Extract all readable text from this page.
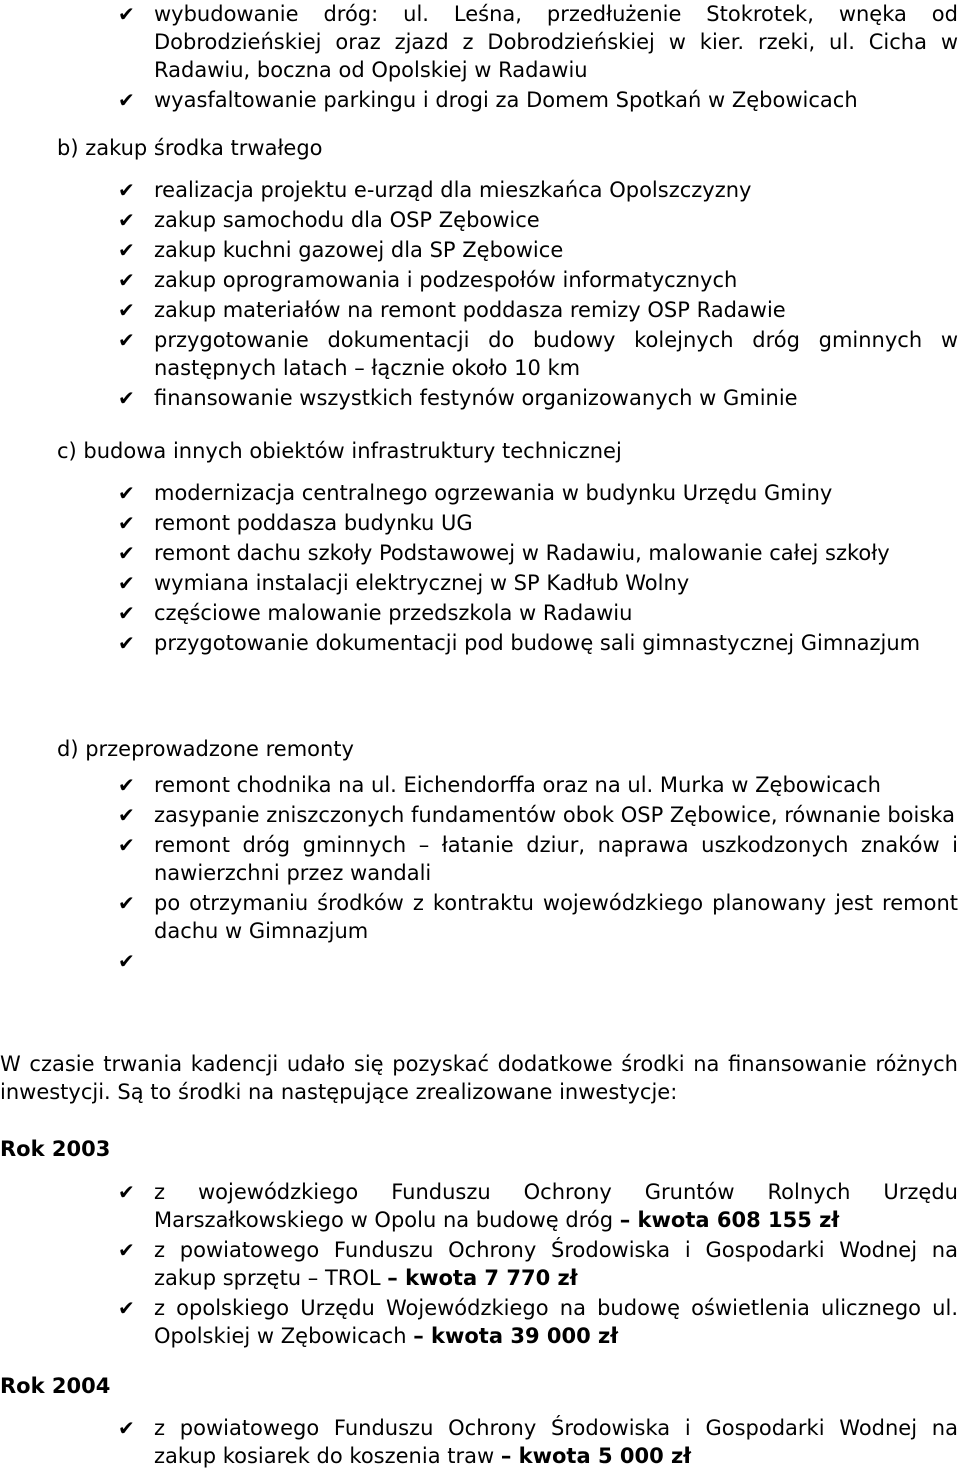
✔ wybudowanie dróg: ul. Leśna, przedłużenie Stokrotek, wnęka od Dobrodzieńskiej oraz zjazd z Dobrodzieńskiej w kier. rzeki, ul. Cicha w Radawiu, boczna od Opolskiej w Radawiu
✔ wyasfaltowanie parkingu i drogi za Domem Spotkań w Zębowicach
b) zakup środka trwałego
✔ realizacja projektu e-urząd dla mieszkańca Opolszczyzny
✔ zakup samochodu dla OSP Zębowice
✔ zakup kuchni gazowej dla SP Zębowice
✔ zakup oprogramowania i podzespołów informatycznych
✔ zakup materiałów na remont poddasza remizy OSP Radawie
✔ przygotowanie dokumentacji do budowy kolejnych dróg gminnych w następnych latach – łącznie około 10 km
✔ finansowanie wszystkich festynów organizowanych w Gminie
c) budowa innych obiektów infrastruktury technicznej
✔ modernizacja centralnego ogrzewania w budynku Urzędu Gminy
✔ remont poddasza budynku UG
✔ remont dachu szkoły Podstawowej w Radawiu, malowanie całej szkoły
✔ wymiana instalacji elektrycznej w SP Kadłub Wolny
✔ częściowe malowanie przedszkola w Radawiu
✔ przygotowanie dokumentacji pod budowę sali gimnastycznej Gimnazjum
d) przeprowadzone remonty
✔ remont chodnika na ul. Eichendorffa oraz na ul. Murka w Zębowicach
✔ zasypanie zniszczonych fundamentów obok OSP Zębowice, równanie boiska
✔ remont dróg gminnych – łatanie dziur, naprawa uszkodzonych znaków i nawierzchni przez wandali
✔ po otrzymaniu środków z kontraktu wojewódzkiego planowany jest remont dachu w Gimnazjum
✔

W czasie trwania kadencji udało się pozyskać dodatkowe środki na finansowanie różnych inwestycji. Są to środki na następujące zrealizowane inwestycje:
Rok 2003
✔ z wojewódzkiego Funduszu Ochrony Gruntów Rolnych Urzędu Marszałkowskiego w Opolu na budowę dróg – kwota 608 155 zł
✔ z powiatowego Funduszu Ochrony Środowiska i Gospodarki Wodnej na zakup sprzętu – TROL – kwota 7 770 zł
✔ z opolskiego Urzędu Wojewódzkiego na budowę oświetlenia ulicznego ul. Opolskiej w Zębowicach – kwota 39 000 zł
Rok 2004
✔ z powiatowego Funduszu Ochrony Środowiska i Gospodarki Wodnej na zakup kosiarek do koszenia traw – kwota 5 000 zł
